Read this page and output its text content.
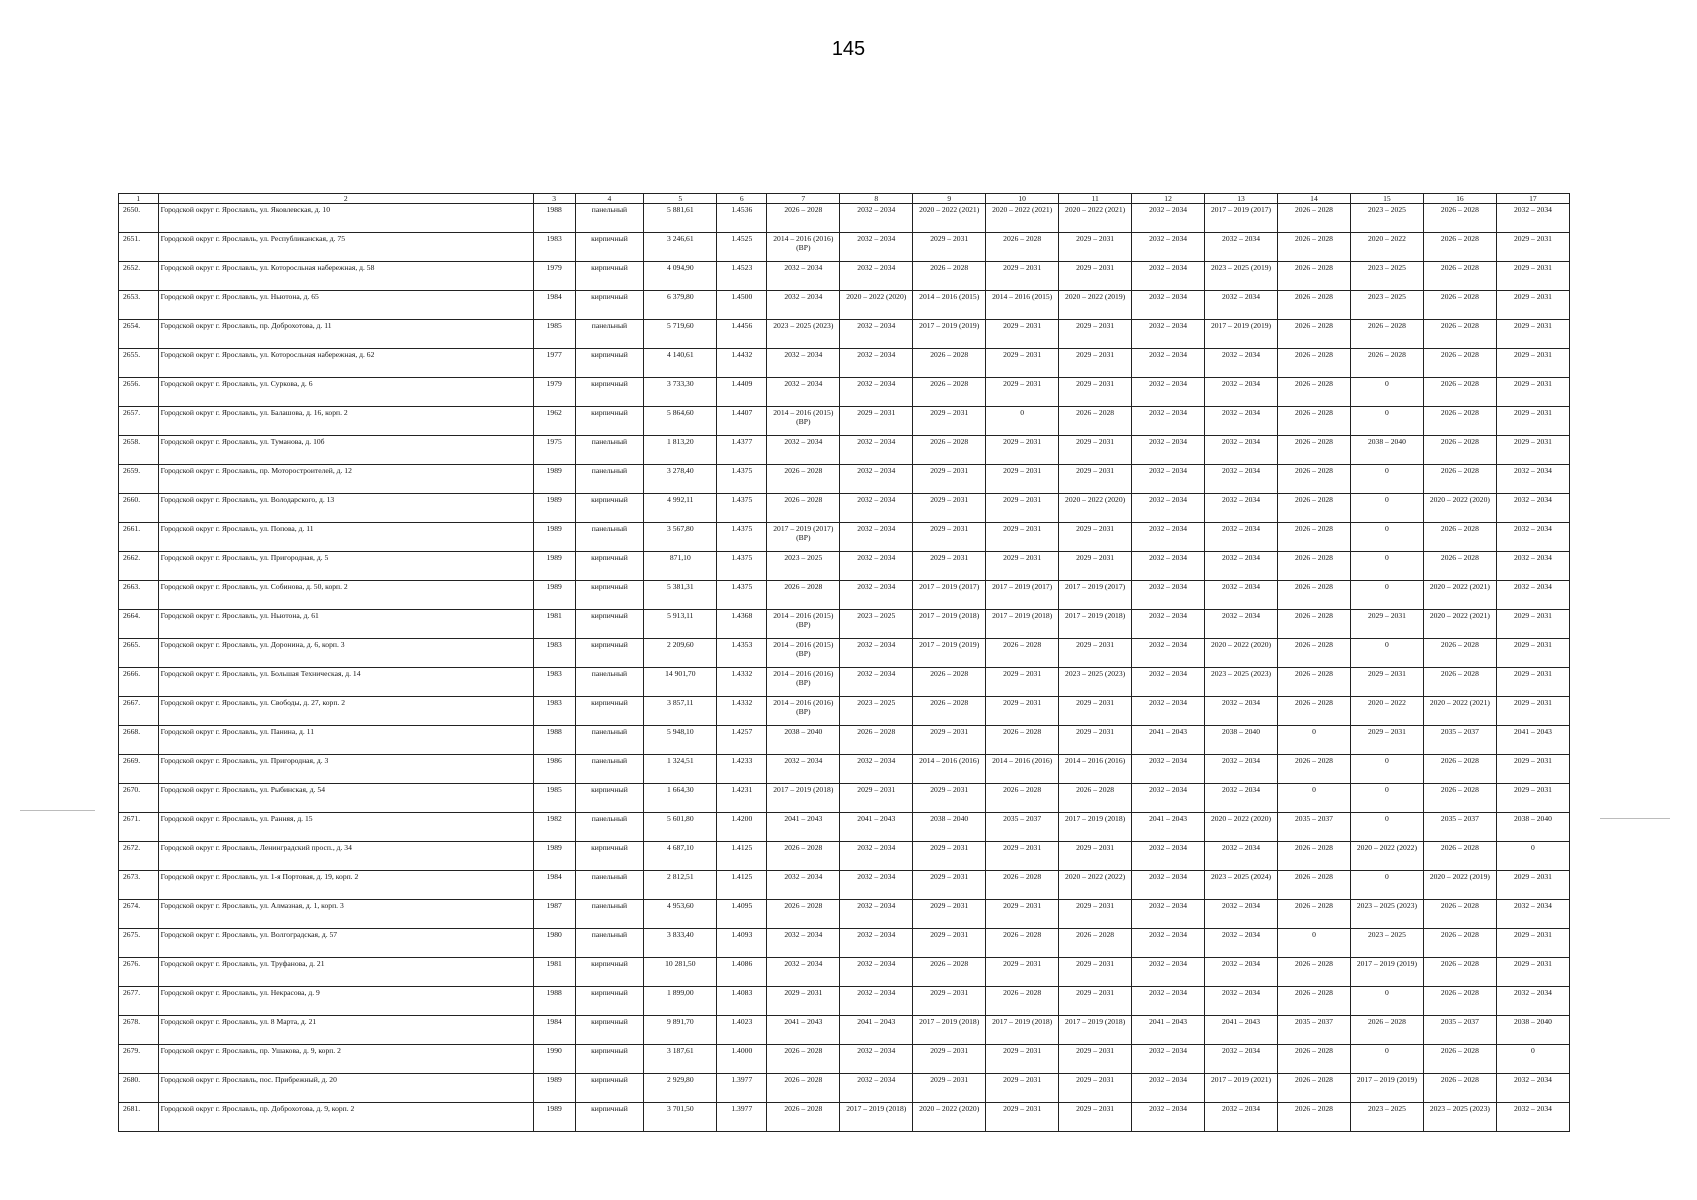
145
1	2	3	4	5	6	7	8	9	10	11	12	13	14	15	16	17
2650.	Городской округ г. Ярославль, ул. Яковлевская, д. 10	1988	панельный	5 881,61	1.4536	2026 – 2028	2032 – 2034	2020 – 2022 (2021)	2020 – 2022 (2021)	2020 – 2022 (2021)	2032 – 2034	2017 – 2019 (2017)	2026 – 2028	2023 – 2025	2026 – 2028	2032 – 2034
2651.	Городской округ г. Ярославль, ул. Республиканская, д. 75	1983	кирпичный	3 246,61	1.4525	2014 – 2016 (2016) (ВР)	2032 – 2034	2029 – 2031	2026 – 2028	2029 – 2031	2032 – 2034	2032 – 2034	2026 – 2028	2020 – 2022	2026 – 2028	2029 – 2031
2652.	Городской округ г. Ярославль, ул. Которосльная набережная, д. 58	1979	кирпичный	4 094,90	1.4523	2032 – 2034	2032 – 2034	2026 – 2028	2029 – 2031	2029 – 2031	2032 – 2034	2023 – 2025 (2019)	2026 – 2028	2023 – 2025	2026 – 2028	2029 – 2031
2653.	Городской округ г. Ярославль, ул. Ньютона, д. 65	1984	кирпичный	6 379,80	1.4500	2032 – 2034	2020 – 2022 (2020)	2014 – 2016 (2015)	2014 – 2016 (2015)	2020 – 2022 (2019)	2032 – 2034	2032 – 2034	2026 – 2028	2023 – 2025	2026 – 2028	2029 – 2031
2654.	Городской округ г. Ярославль, пр. Доброхотова, д. 11	1985	панельный	5 719,60	1.4456	2023 – 2025 (2023)	2032 – 2034	2017 – 2019 (2019)	2029 – 2031	2029 – 2031	2032 – 2034	2017 – 2019 (2019)	2026 – 2028	2026 – 2028	2026 – 2028	2029 – 2031
2655.	Городской округ г. Ярославль, ул. Которосльная набережная, д. 62	1977	кирпичный	4 140,61	1.4432	2032 – 2034	2032 – 2034	2026 – 2028	2029 – 2031	2029 – 2031	2032 – 2034	2032 – 2034	2026 – 2028	2026 – 2028	2026 – 2028	2029 – 2031
2656.	Городской округ г. Ярославль, ул. Суркова, д. 6	1979	кирпичный	3 733,30	1.4409	2032 – 2034	2032 – 2034	2026 – 2028	2029 – 2031	2029 – 2031	2032 – 2034	2032 – 2034	2026 – 2028	0	2026 – 2028	2029 – 2031
2657.	Городской округ г. Ярославль, ул. Балашова, д. 16, корп. 2	1962	кирпичный	5 864,60	1.4407	2014 – 2016 (2015) (ВР)	2029 – 2031	2029 – 2031	0	2026 – 2028	2032 – 2034	2032 – 2034	2026 – 2028	0	2026 – 2028	2029 – 2031
2658.	Городской округ г. Ярославль, ул. Туманова, д. 10б	1975	панельный	1 813,20	1.4377	2032 – 2034	2032 – 2034	2026 – 2028	2029 – 2031	2029 – 2031	2032 – 2034	2032 – 2034	2026 – 2028	2038 – 2040	2026 – 2028	2029 – 2031
2659.	Городской округ г. Ярославль, пр. Моторостроителей, д. 12	1989	панельный	3 278,40	1.4375	2026 – 2028	2032 – 2034	2029 – 2031	2029 – 2031	2029 – 2031	2032 – 2034	2032 – 2034	2026 – 2028	0	2026 – 2028	2032 – 2034
2660.	Городской округ г. Ярославль, ул. Володарского, д. 13	1989	кирпичный	4 992,11	1.4375	2026 – 2028	2032 – 2034	2029 – 2031	2029 – 2031	2020 – 2022 (2020)	2032 – 2034	2032 – 2034	2026 – 2028	0	2020 – 2022 (2020)	2032 – 2034
2661.	Городской округ г. Ярославль, ул. Попова, д. 11	1989	панельный	3 567,80	1.4375	2017 – 2019 (2017) (ВР)	2032 – 2034	2029 – 2031	2029 – 2031	2029 – 2031	2032 – 2034	2032 – 2034	2026 – 2028	0	2026 – 2028	2032 – 2034
2662.	Городской округ г. Ярославль, ул. Пригородная, д. 5	1989	кирпичный	871,10	1.4375	2023 – 2025	2032 – 2034	2029 – 2031	2029 – 2031	2029 – 2031	2032 – 2034	2032 – 2034	2026 – 2028	0	2026 – 2028	2032 – 2034
2663.	Городской округ г. Ярославль, ул. Собинова, д. 50, корп. 2	1989	кирпичный	5 381,31	1.4375	2026 – 2028	2032 – 2034	2017 – 2019 (2017)	2017 – 2019 (2017)	2017 – 2019 (2017)	2032 – 2034	2032 – 2034	2026 – 2028	0	2020 – 2022 (2021)	2032 – 2034
2664.	Городской округ г. Ярославль, ул. Ньютона, д. 61	1981	кирпичный	5 913,11	1.4368	2014 – 2016 (2015) (ВР)	2023 – 2025	2017 – 2019 (2018)	2017 – 2019 (2018)	2017 – 2019 (2018)	2032 – 2034	2032 – 2034	2026 – 2028	2029 – 2031	2020 – 2022 (2021)	2029 – 2031
2665.	Городской округ г. Ярославль, ул. Доронина, д. 6, корп. 3	1983	кирпичный	2 209,60	1.4353	2014 – 2016 (2015) (ВР)	2032 – 2034	2017 – 2019 (2019)	2026 – 2028	2029 – 2031	2032 – 2034	2020 – 2022 (2020)	2026 – 2028	0	2026 – 2028	2029 – 2031
2666.	Городской округ г. Ярославль, ул. Большая Техническая, д. 14	1983	панельный	14 901,70	1.4332	2014 – 2016 (2016) (ВР)	2032 – 2034	2026 – 2028	2029 – 2031	2023 – 2025 (2023)	2032 – 2034	2023 – 2025 (2023)	2026 – 2028	2029 – 2031	2026 – 2028	2029 – 2031
2667.	Городской округ г. Ярославль, ул. Свободы, д. 27, корп. 2	1983	кирпичный	3 857,11	1.4332	2014 – 2016 (2016) (ВР)	2023 – 2025	2026 – 2028	2029 – 2031	2029 – 2031	2032 – 2034	2032 – 2034	2026 – 2028	2020 – 2022	2020 – 2022 (2021)	2029 – 2031
2668.	Городской округ г. Ярославль, ул. Панина, д. 11	1988	панельный	5 948,10	1.4257	2038 – 2040	2026 – 2028	2029 – 2031	2026 – 2028	2029 – 2031	2041 – 2043	2038 – 2040	0	2029 – 2031	2035 – 2037	2041 – 2043
2669.	Городской округ г. Ярославль, ул. Пригородная, д. 3	1986	панельный	1 324,51	1.4233	2032 – 2034	2032 – 2034	2014 – 2016 (2016)	2014 – 2016 (2016)	2014 – 2016 (2016)	2032 – 2034	2032 – 2034	2026 – 2028	0	2026 – 2028	2029 – 2031
2670.	Городской округ г. Ярославль, ул. Рыбинская, д. 54	1985	кирпичный	1 664,30	1.4231	2017 – 2019 (2018)	2029 – 2031	2029 – 2031	2026 – 2028	2026 – 2028	2032 – 2034	2032 – 2034	0	0	2026 – 2028	2029 – 2031
2671.	Городской округ г. Ярославль, ул. Ранняя, д. 15	1982	панельный	5 601,80	1.4200	2041 – 2043	2041 – 2043	2038 – 2040	2035 – 2037	2017 – 2019 (2018)	2041 – 2043	2020 – 2022 (2020)	2035 – 2037	0	2035 – 2037	2038 – 2040
2672.	Городской округ г. Ярославль, Ленинградский просп., д. 34	1989	кирпичный	4 687,10	1.4125	2026 – 2028	2032 – 2034	2029 – 2031	2029 – 2031	2029 – 2031	2032 – 2034	2032 – 2034	2026 – 2028	2020 – 2022 (2022)	2026 – 2028	0
2673.	Городской округ г. Ярославль, ул. 1-я Портовая, д. 19, корп. 2	1984	панельный	2 812,51	1.4125	2032 – 2034	2032 – 2034	2029 – 2031	2026 – 2028	2020 – 2022 (2022)	2032 – 2034	2023 – 2025 (2024)	2026 – 2028	0	2020 – 2022 (2019)	2029 – 2031
2674.	Городской округ г. Ярославль, ул. Алмазная, д. 1, корп. 3	1987	панельный	4 953,60	1.4095	2026 – 2028	2032 – 2034	2029 – 2031	2029 – 2031	2029 – 2031	2032 – 2034	2032 – 2034	2026 – 2028	2023 – 2025 (2023)	2026 – 2028	2032 – 2034
2675.	Городской округ г. Ярославль, ул. Волгоградская, д. 57	1980	панельный	3 833,40	1.4093	2032 – 2034	2032 – 2034	2029 – 2031	2026 – 2028	2026 – 2028	2032 – 2034	2032 – 2034	0	2023 – 2025	2026 – 2028	2029 – 2031
2676.	Городской округ г. Ярославль, ул. Труфанова, д. 21	1981	кирпичный	10 281,50	1.4086	2032 – 2034	2032 – 2034	2026 – 2028	2029 – 2031	2029 – 2031	2032 – 2034	2032 – 2034	2026 – 2028	2017 – 2019 (2019)	2026 – 2028	2029 – 2031
2677.	Городской округ г. Ярославль, ул. Некрасова, д. 9	1988	кирпичный	1 899,00	1.4083	2029 – 2031	2032 – 2034	2029 – 2031	2026 – 2028	2029 – 2031	2032 – 2034	2032 – 2034	2026 – 2028	0	2026 – 2028	2032 – 2034
2678.	Городской округ г. Ярославль, ул. 8 Марта, д. 21	1984	кирпичный	9 891,70	1.4023	2041 – 2043	2041 – 2043	2017 – 2019 (2018)	2017 – 2019 (2018)	2017 – 2019 (2018)	2041 – 2043	2041 – 2043	2035 – 2037	2026 – 2028	2035 – 2037	2038 – 2040
2679.	Городской округ г. Ярославль, пр. Ушакова, д. 9, корп. 2	1990	кирпичный	3 187,61	1.4000	2026 – 2028	2032 – 2034	2029 – 2031	2029 – 2031	2029 – 2031	2032 – 2034	2032 – 2034	2026 – 2028	0	2026 – 2028	0
2680.	Городской округ г. Ярославль, пос. Прибрежный, д. 20	1989	кирпичный	2 929,80	1.3977	2026 – 2028	2032 – 2034	2029 – 2031	2029 – 2031	2029 – 2031	2032 – 2034	2017 – 2019 (2021)	2026 – 2028	2017 – 2019 (2019)	2026 – 2028	2032 – 2034
2681.	Городской округ г. Ярославль, пр. Доброхотова, д. 9, корп. 2	1989	кирпичный	3 701,50	1.3977	2026 – 2028	2017 – 2019 (2018)	2020 – 2022 (2020)	2029 – 2031	2029 – 2031	2032 – 2034	2032 – 2034	2026 – 2028	2023 – 2025	2023 – 2025 (2023)	2032 – 2034
